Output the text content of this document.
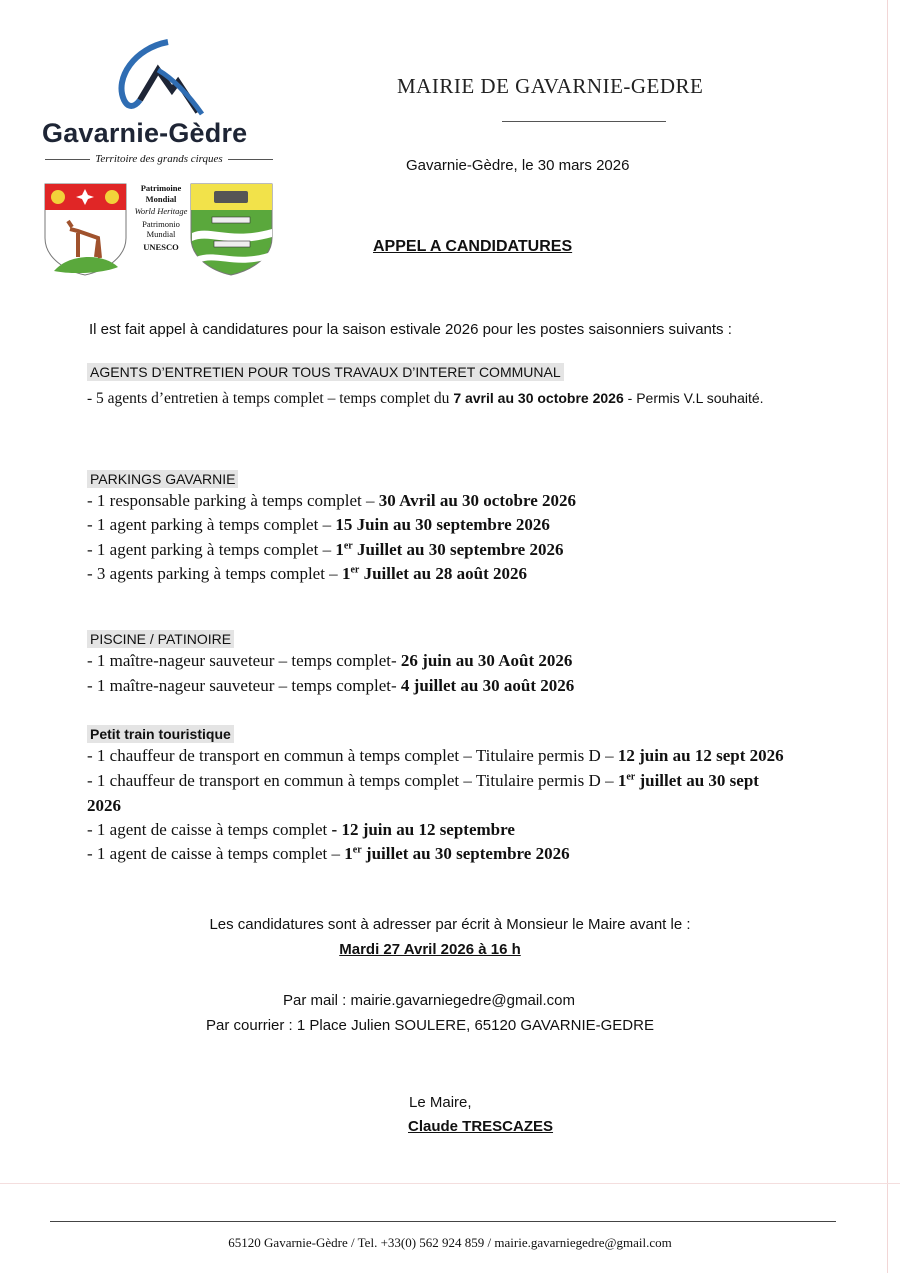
Gavarnie-Gèdre
Territoire des grands cirques
Patrimoine Mondial
World Heritage
Patrimonio Mundial
UNESCO
MAIRIE DE GAVARNIE-GEDRE
Gavarnie-Gèdre, le 30 mars 2026
APPEL A CANDIDATURES
Il est fait appel à candidatures pour la saison estivale 2026 pour les postes saisonniers suivants :
AGENTS D’ENTRETIEN POUR TOUS TRAVAUX D’INTERET COMMUNAL
- 5 agents d’entretien à temps complet – temps complet du 7 avril au 30 octobre 2026 - Permis V.L souhaité.
PARKINGS GAVARNIE
- 1 responsable parking à temps complet – 30 Avril au 30 octobre 2026
- 1 agent parking à temps complet – 15 Juin au 30 septembre 2026
- 1 agent parking à temps complet – 1er Juillet au 30 septembre 2026
- 3 agents parking à temps complet – 1er Juillet au 28 août 2026
PISCINE / PATINOIRE
- 1 maître-nageur sauveteur – temps complet- 26 juin au 30 Août 2026
- 1 maître-nageur sauveteur – temps complet- 4 juillet au 30 août 2026
Petit train touristique
- 1 chauffeur de transport en commun à temps complet – Titulaire permis D – 12 juin au 12 sept 2026
- 1 chauffeur de transport en commun à temps complet – Titulaire permis D – 1er juillet au 30 sept
2026
- 1 agent de caisse à temps complet - 12 juin au 12 septembre
- 1 agent de caisse à temps complet – 1er juillet au 30 septembre 2026
Les candidatures sont à adresser par écrit à Monsieur le Maire avant le :
Mardi 27 Avril 2026 à 16 h
Par mail : mairie.gavarniegedre@gmail.com
Par courrier : 1 Place Julien SOULERE, 65120 GAVARNIE-GEDRE
Le Maire,
Claude TRESCAZES
65120 Gavarnie-Gèdre / Tel. +33(0) 562 924 859 / mairie.gavarniegedre@gmail.com
